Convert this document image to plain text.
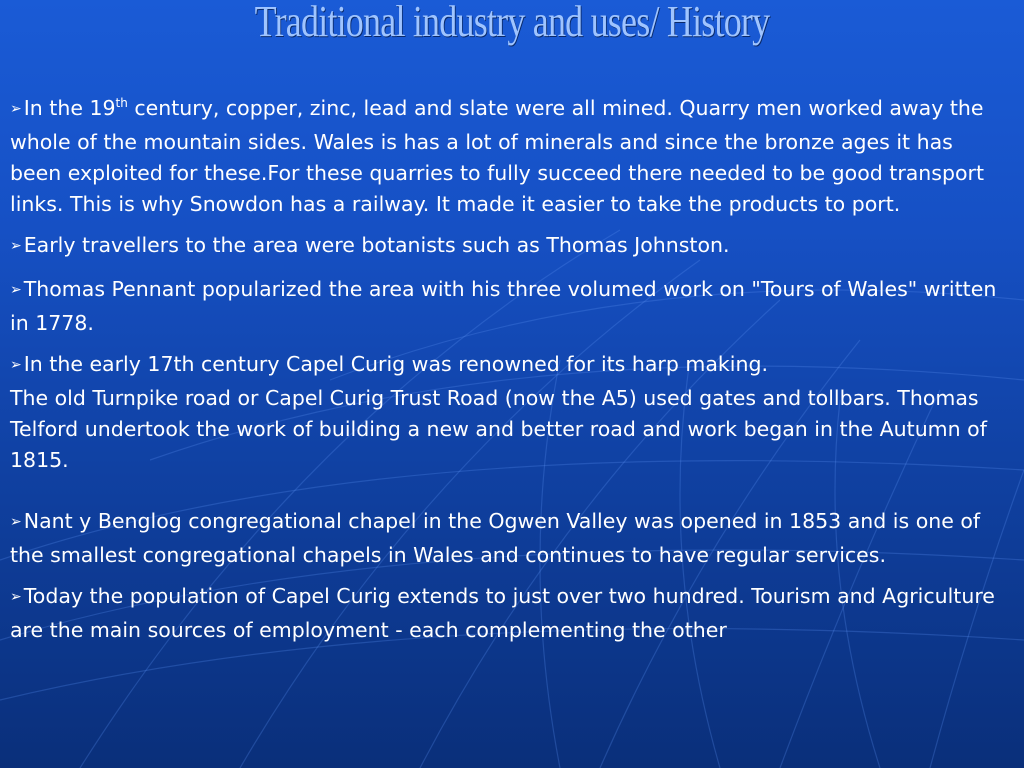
Traditional industry and uses/ History

➢In the 19th century, copper, zinc, lead and slate were all mined. Quarry men worked away the whole of the mountain sides. Wales is has a lot of minerals and since the bronze ages it has been exploited for these.For these quarries to fully succeed there needed to be good transport links. This is why Snowdon has a railway. It made it easier to take the products to port.

➢Early travellers to the area were botanists such as Thomas Johnston.

➢Thomas Pennant popularized the area with his three volumed work on "Tours of Wales" written in 1778.

➢In the early 17th century Capel Curig was renowned for its harp making.
The old Turnpike road or Capel Curig Trust Road (now the A5) used gates and tollbars. Thomas Telford undertook the work of building a new and better road and work began in the Autumn of 1815.

➢Nant y Benglog congregational chapel in the Ogwen Valley was opened in 1853 and is one of the smallest congregational chapels in Wales and continues to have regular services.

➢Today the population of Capel Curig extends to just over two hundred. Tourism and Agriculture are the main sources of employment - each complementing the other
